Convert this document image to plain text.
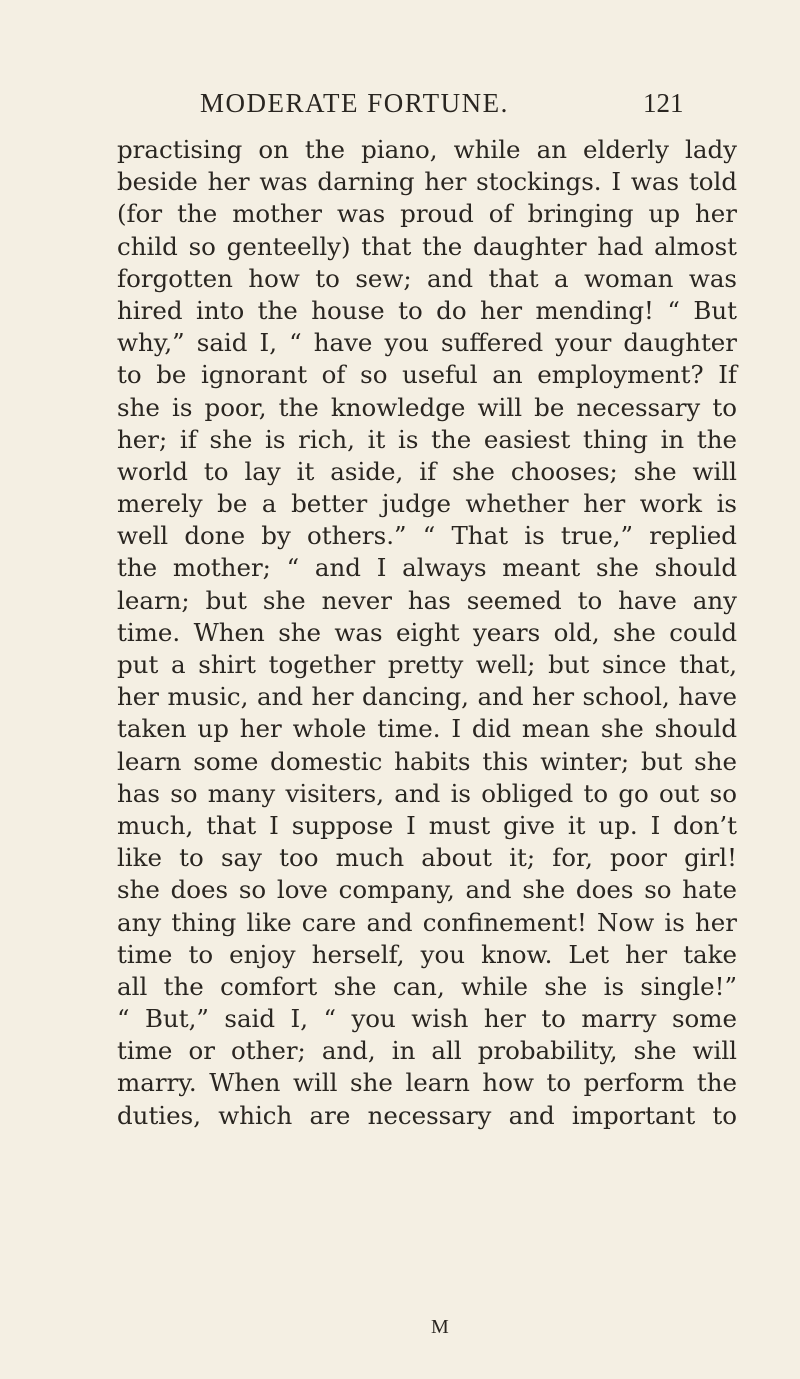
MODERATE FORTUNE.	121
practising on the piano, while an elderly lady
beside her was darning her stockings. I was told
(for the mother was proud of bringing up her
child so genteelly) that the daughter had almost
forgotten how to sew; and that a woman was
hired into the house to do her mending! “ But
why,” said I, “ have you suffered your daughter
to be ignorant of so useful an employment? If
she is poor, the knowledge will be necessary to
her; if she is rich, it is the easiest thing in the
world to lay it aside, if she chooses; she will
merely be a better judge whether her work is
well done by others.” “ That is true,” replied
the mother; “ and I always meant she should
learn; but she never has seemed to have any
time. When she was eight years old, she could
put a shirt together pretty well; but since that,
her music, and her dancing, and her school, have
taken up her whole time. I did mean she should
learn some domestic habits this winter; but she
has so many visiters, and is obliged to go out so
much, that I suppose I must give it up. I don’t
like to say too much about it; for, poor girl!
she does so love company, and she does so hate
any thing like care and confinement! Now is her
time to enjoy herself, you know. Let her take
all the comfort she can, while she is single!”
“ But,” said I, “ you wish her to marry some
time or other; and, in all probability, she will
marry. When will she learn how to perform the
duties, which are necessary and important to
M
